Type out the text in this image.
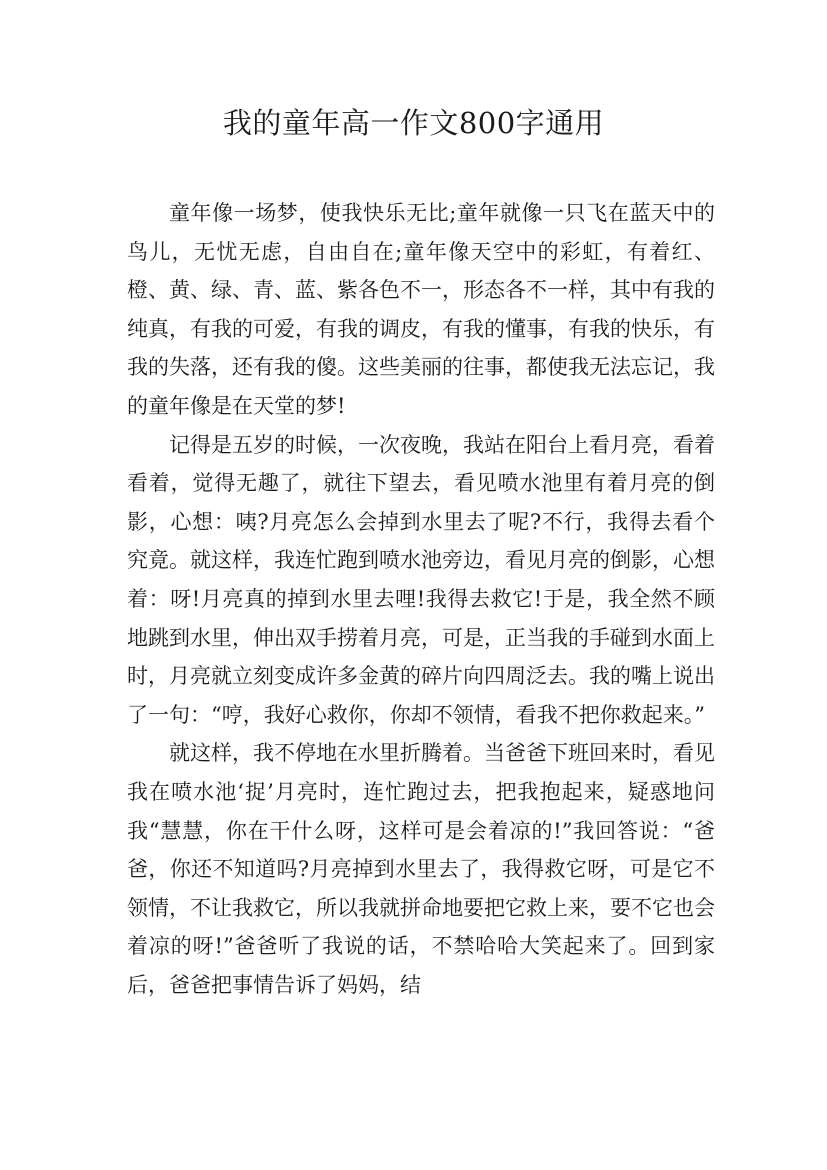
我的童年高一作文800字通用

童年像一场梦，使我快乐无比;童年就像一只飞在蓝天中的鸟儿，无忧无虑，自由自在;童年像天空中的彩虹，有着红、橙、黄、绿、青、蓝、紫各色不一，形态各不一样，其中有我的纯真，有我的可爱，有我的调皮，有我的懂事，有我的快乐，有我的失落，还有我的傻。这些美丽的往事，都使我无法忘记，我的童年像是在天堂的梦!

记得是五岁的时候，一次夜晚，我站在阳台上看月亮，看着看着，觉得无趣了，就往下望去，看见喷水池里有着月亮的倒影，心想：咦?月亮怎么会掉到水里去了呢?不行，我得去看个究竟。就这样，我连忙跑到喷水池旁边，看见月亮的倒影，心想着：呀!月亮真的掉到水里去哩!我得去救它!于是，我全然不顾地跳到水里，伸出双手捞着月亮，可是，正当我的手碰到水面上时，月亮就立刻变成许多金黄的碎片向四周泛去。我的嘴上说出了一句：“哼，我好心救你，你却不领情，看我不把你救起来。”

就这样，我不停地在水里折腾着。当爸爸下班回来时，看见我在喷水池‘捉’月亮时，连忙跑过去，把我抱起来，疑惑地问我“慧慧，你在干什么呀，这样可是会着凉的!”我回答说：“爸爸，你还不知道吗?月亮掉到水里去了，我得救它呀，可是它不领情，不让我救它，所以我就拼命地要把它救上来，要不它也会着凉的呀!”爸爸听了我说的话，不禁哈哈大笑起来了。回到家后，爸爸把事情告诉了妈妈，结
